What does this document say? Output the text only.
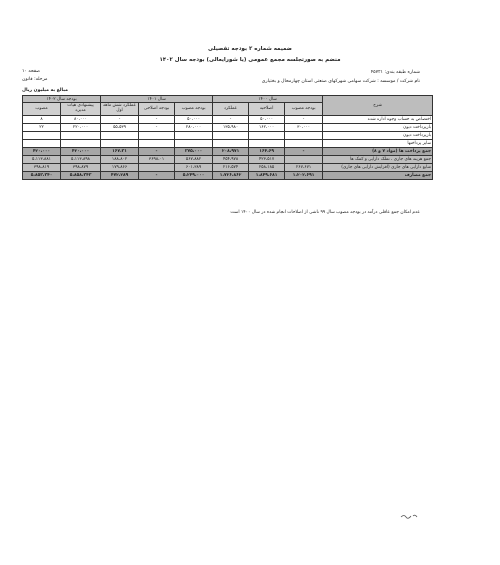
ضمیمه شماره ۲ بودجه تفصیلی
منضم به صورتجلسه مجمع عمومی (یا شورایعالی) بودجه سال ۱۴۰۲
شماره طبقه بندی: ۴۵۷۲۱
صفحه ۱۰
مرحله: قانون	نام شرکت / موسسه : شرکت سهامی شهرکهای صنعتی استان چهارمحال و بختیاری
مبالغ به میلیون ریال
شرح	سال ۱۴۰۰			سال ۱۴۰۱			بودجه سال ۱۴۰۲	
	بودجه مصوب	اصلاحیه	عملکرد	بودجه مصوب	بودجه اصلاحی	عملکرد شش ماهه اول	پیشنهادی هیات مدیره	مصوب
اختصاص به حساب وجوه اداره شده	-	۵۰،۰۰۰	-	۵۰،۰۰۰	-	-	۸۰،۰۰۰	۸
بازپرداخت دیون	۳۰،۰۰۰	۱۶۲،۰۰۰	۱۳۵،۹۸۰	۲۸۰،۰۰۰	-	۵۵،۵۳۹	۲۲۰،۰۰۰	۲۲
بازپرداخت دیون								
سایر پرداختها								
جمع پرداخت ها (مواد ۷ و ۸)	-	۱۶۴،۶۹	۲۰۸،۹۷۱	۳۷۵،۰۰۰	-	۱۶۷،۳۱	۴۲۰،۰۰۰	۴۲۰،۰۰۰
جمع هزینه های جاری ، تملک دارایی و کمک ها		۴۲۳،۵۱۷	۴۵۴،۹۷۸	۵۶۷،۸۸۲	۳۶۹۸،۰۱	۱۸۸،۸۰۲	۵،۱۱۳،۸۹۸	۵،۱۱۳،۸۸۱
منابع دارایی های جاری (افزایش دارایی های جاری)	۲۶۷،۶۷۱	۲۵۸،۱۸۵	۲۱۶،۵۷۴	۶۰۱،۳۸۹		۱۷۹،۸۶۶	۳۹۸،۸۷۹	۳۹۸،۸۱۹
جمع مصارف	۱،۲۰۲،۶۹۱	۱،۸۴۹،۶۸۱	۱،۷۲۶،۸۶۲	۵،۲۴۹،۰۰۰	-	۴۷۲،۲۸۹	۵،۸۵۸،۳۴۳	۵،۸۵۳،۳۴۰
عدم امکان جمع عاقلی درآمد در بودجه مصوب سال ۹۹ ناشی از اصلاحات انجام شده در سال ۱۴۰۰ است
